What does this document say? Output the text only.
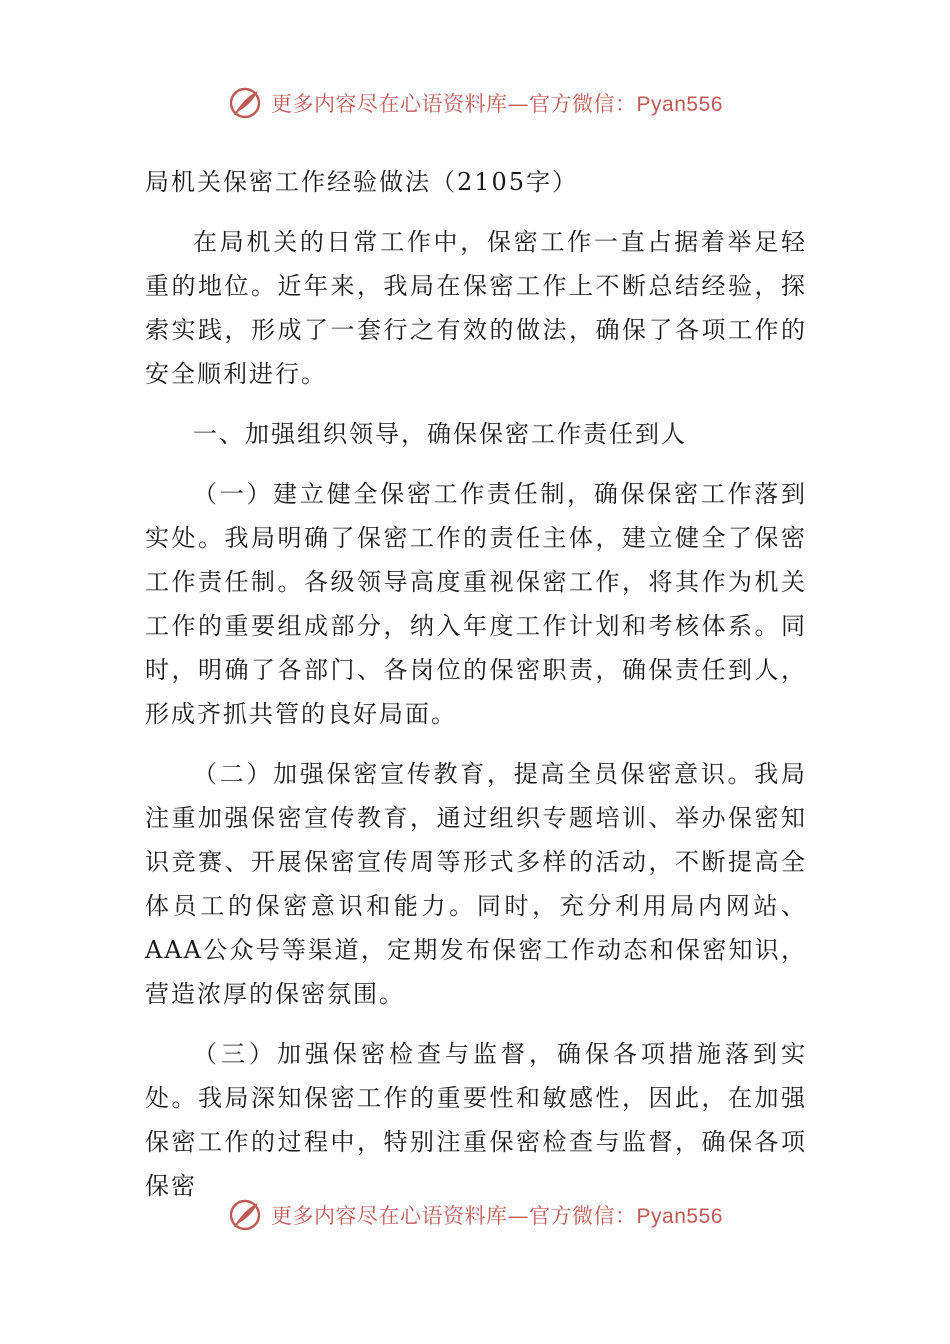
更多内容尽在心语资料库—官方微信：Pyan556
局机关保密工作经验做法（2105字）

在局机关的日常工作中，保密工作一直占据着举足轻重的地位。近年来，我局在保密工作上不断总结经验，探索实践，形成了一套行之有效的做法，确保了各项工作的安全顺利进行。

一、加强组织领导，确保保密工作责任到人

（一）建立健全保密工作责任制，确保保密工作落到实处。我局明确了保密工作的责任主体，建立健全了保密工作责任制。各级领导高度重视保密工作，将其作为机关工作的重要组成部分，纳入年度工作计划和考核体系。同时，明确了各部门、各岗位的保密职责，确保责任到人，形成齐抓共管的良好局面。

（二）加强保密宣传教育，提高全员保密意识。我局注重加强保密宣传教育，通过组织专题培训、举办保密知识竞赛、开展保密宣传周等形式多样的活动，不断提高全体员工的保密意识和能力。同时，充分利用局内网站、AAA公众号等渠道，定期发布保密工作动态和保密知识，营造浓厚的保密氛围。

（三）加强保密检查与监督，确保各项措施落到实处。我局深知保密工作的重要性和敏感性，因此，在加强保密工作的过程中，特别注重保密检查与监督，确保各项保密

更多内容尽在心语资料库—官方微信：Pyan556
